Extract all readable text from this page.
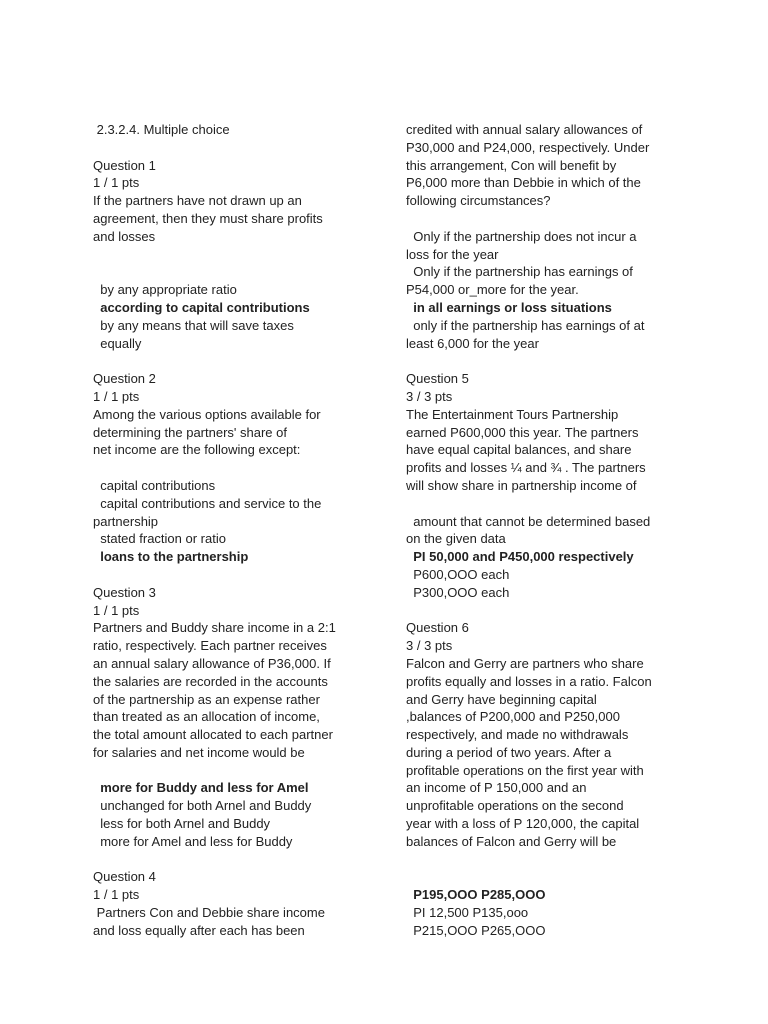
2.3.2.4. Multiple choice
Question 1
1 / 1 pts
If the partners have not drawn up an
agreement, then they must share profits
and losses
by any appropriate ratio
according to capital contributions
by any means that will save taxes
equally
Question 2
1 / 1 pts
Among the various options available for
determining the partners' share of
net income are the following except:
capital contributions
capital contributions and service to the
partnership
stated fraction or ratio
loans to the partnership
Question 3
1 / 1 pts
Partners and Buddy share income in a 2:1
ratio, respectively. Each partner receives
an annual salary allowance of P36,000. If
the salaries are recorded in the accounts
of the partnership as an expense rather
than treated as an allocation of income,
the total amount allocated to each partner
for salaries and net income would be
more for Buddy and less for Amel
unchanged for both Arnel and Buddy
less for both Arnel and Buddy
more for Amel and less for Buddy
Question 4
1 / 1 pts
Partners Con and Debbie share income
and loss equally after each has been
credited with annual salary allowances of
P30,000 and P24,000, respectively. Under
this arrangement, Con will benefit by
P6,000 more than Debbie in which of the
following circumstances?
Only if the partnership does not incur a
loss for the year
Only if the partnership has earnings of
P54,000 or_more for the year.
in all earnings or loss situations
only if the partnership has earnings of at
least 6,000 for the year
Question 5
3 / 3 pts
The Entertainment Tours Partnership
earned P600,000 this year. The partners
have equal capital balances, and share
profits and losses ¼ and ¾ . The partners
will show share in partnership income of
amount that cannot be determined based
on the given data
PI 50,000 and P450,000 respectively
P600,OOO each
P300,OOO each
Question 6
3 / 3 pts
Falcon and Gerry are partners who share
profits equally and losses in a ratio. Falcon
and Gerry have beginning capital
,balances of P200,000 and P250,000
respectively, and made no withdrawals
during a period of two years. After a
profitable operations on the first year with
an income of P 150,000 and an
unprofitable operations on the second
year with a loss of P 120,000, the capital
balances of Falcon and Gerry will be
P195,OOO P285,OOO
PI 12,500 P135,ooo
P215,OOO P265,OOO
